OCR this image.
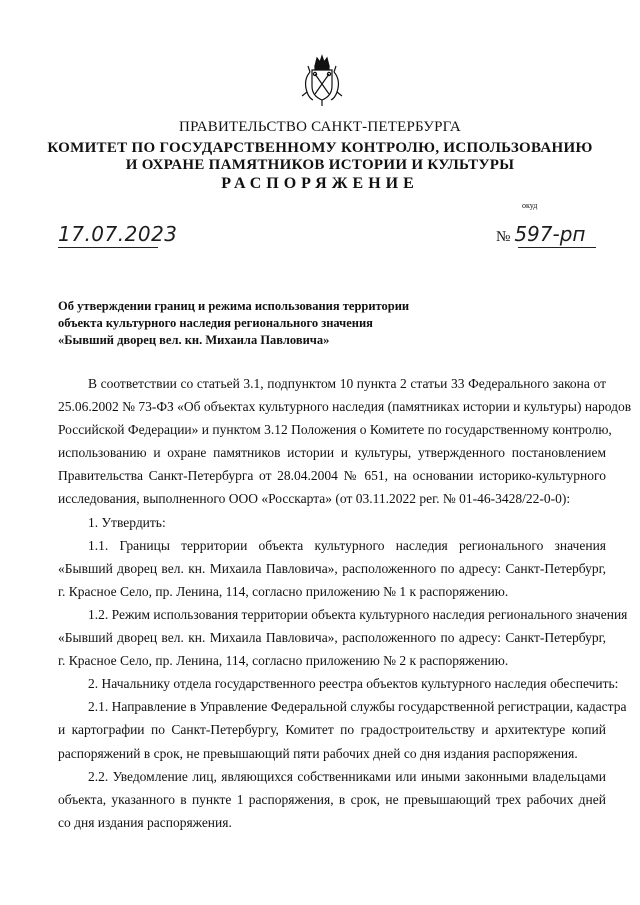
ПРАВИТЕЛЬСТВО САНКТ-ПЕТЕРБУРГА
КОМИТЕТ ПО ГОСУДАРСТВЕННОМУ КОНТРОЛЮ, ИСПОЛЬЗОВАНИЮ
И ОХРАНЕ ПАМЯТНИКОВ ИСТОРИИ И КУЛЬТУРЫ
РАСПОРЯЖЕНИЕ
окуд
17.07.2023	№ 597-рп
Об утверждении границ и режима использования территории
объекта культурного наследия регионального значения
«Бывший дворец вел. кн. Михаила Павловича»
В соответствии со статьей 3.1, подпунктом 10 пункта 2 статьи 33 Федерального закона от
25.06.2002 № 73-ФЗ «Об объектах культурного наследия (памятниках истории и культуры) народов
Российской Федерации» и пунктом 3.12 Положения о Комитете по государственному контролю,
использованию и охране памятников истории и культуры, утвержденного постановлением
Правительства Санкт-Петербурга от 28.04.2004 № 651, на основании историко-культурного
исследования, выполненного ООО «Росскарта» (от 03.11.2022 рег. № 01-46-3428/22-0-0):
1. Утвердить:
1.1. Границы территории объекта культурного наследия регионального значения
«Бывший дворец вел. кн. Михаила Павловича», расположенного по адресу: Санкт-Петербург,
г. Красное Село, пр. Ленина, 114, согласно приложению № 1 к распоряжению.
1.2. Режим использования территории объекта культурного наследия регионального значения
«Бывший дворец вел. кн. Михаила Павловича», расположенного по адресу: Санкт-Петербург,
г. Красное Село, пр. Ленина, 114, согласно приложению № 2 к распоряжению.
2. Начальнику отдела государственного реестра объектов культурного наследия обеспечить:
2.1. Направление в Управление Федеральной службы государственной регистрации, кадастра
и картографии по Санкт-Петербургу, Комитет по градостроительству и архитектуре копий
распоряжений в срок, не превышающий пяти рабочих дней со дня издания распоряжения.
2.2. Уведомление лиц, являющихся собственниками или иными законными владельцами
объекта, указанного в пункте 1 распоряжения, в срок, не превышающий трех рабочих дней
со дня издания распоряжения.
